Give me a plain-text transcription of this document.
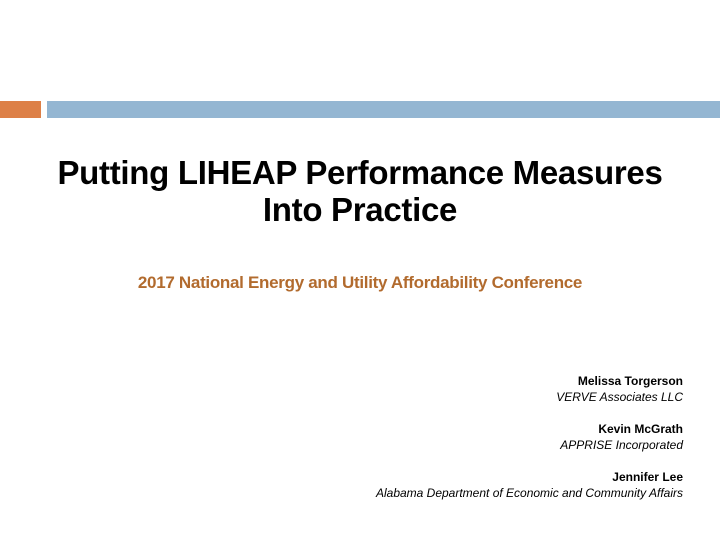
Putting LIHEAP Performance Measures
Into Practice
2017 National Energy and Utility Affordability Conference
Melissa Torgerson
VERVE Associates LLC
Kevin McGrath
APPRISE Incorporated
Jennifer Lee
Alabama Department of Economic and Community Affairs
